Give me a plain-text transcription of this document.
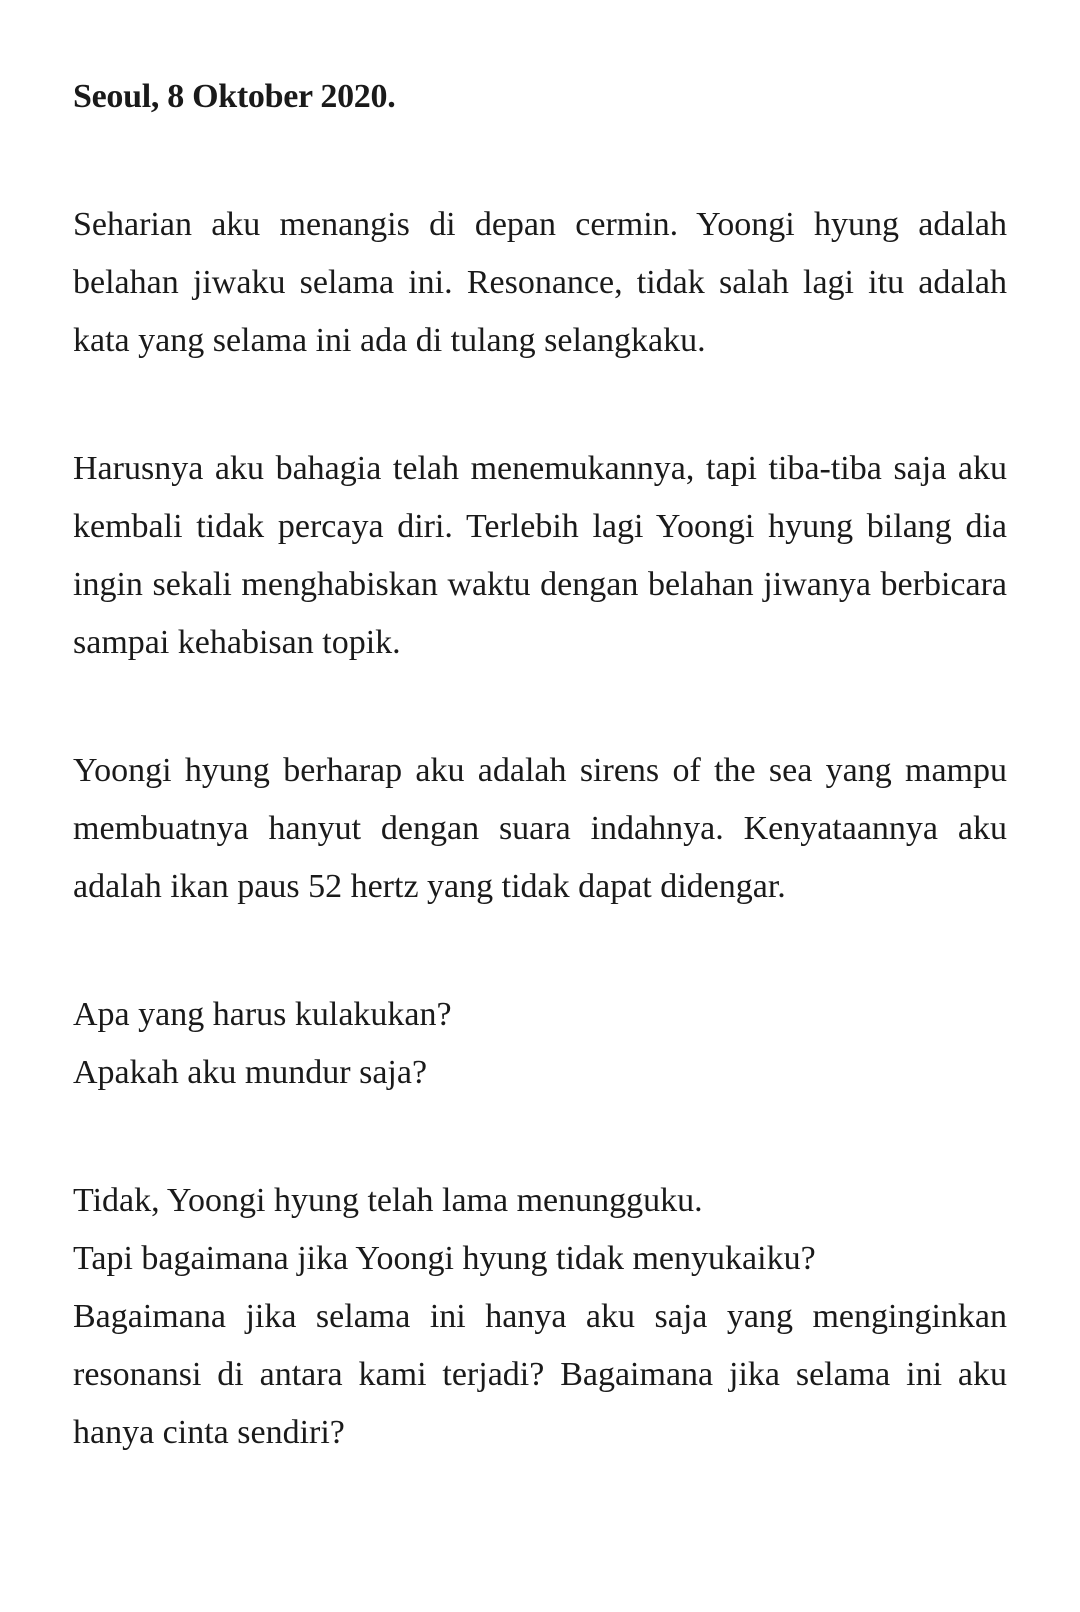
Seoul, 8 Oktober 2020.

Seharian aku menangis di depan cermin. Yoongi hyung adalah belahan jiwaku selama ini. Resonance, tidak salah lagi itu adalah kata yang selama ini ada di tulang selangkaku.

Harusnya aku bahagia telah menemukannya, tapi tiba-tiba saja aku kembali tidak percaya diri. Terlebih lagi Yoongi hyung bilang dia ingin sekali menghabiskan waktu dengan belahan jiwanya berbicara sampai kehabisan topik.

Yoongi hyung berharap aku adalah sirens of the sea yang mampu membuatnya hanyut dengan suara indahnya. Kenyataannya aku adalah ikan paus 52 hertz yang tidak dapat didengar.

Apa yang harus kulakukan?
Apakah aku mundur saja?
Tidak, Yoongi hyung telah lama menungguku.
Tapi bagaimana jika Yoongi hyung tidak menyukaiku?

Bagaimana jika selama ini hanya aku saja yang menginginkan resonansi di antara kami terjadi? Bagaimana jika selama ini aku hanya cinta sendiri?
